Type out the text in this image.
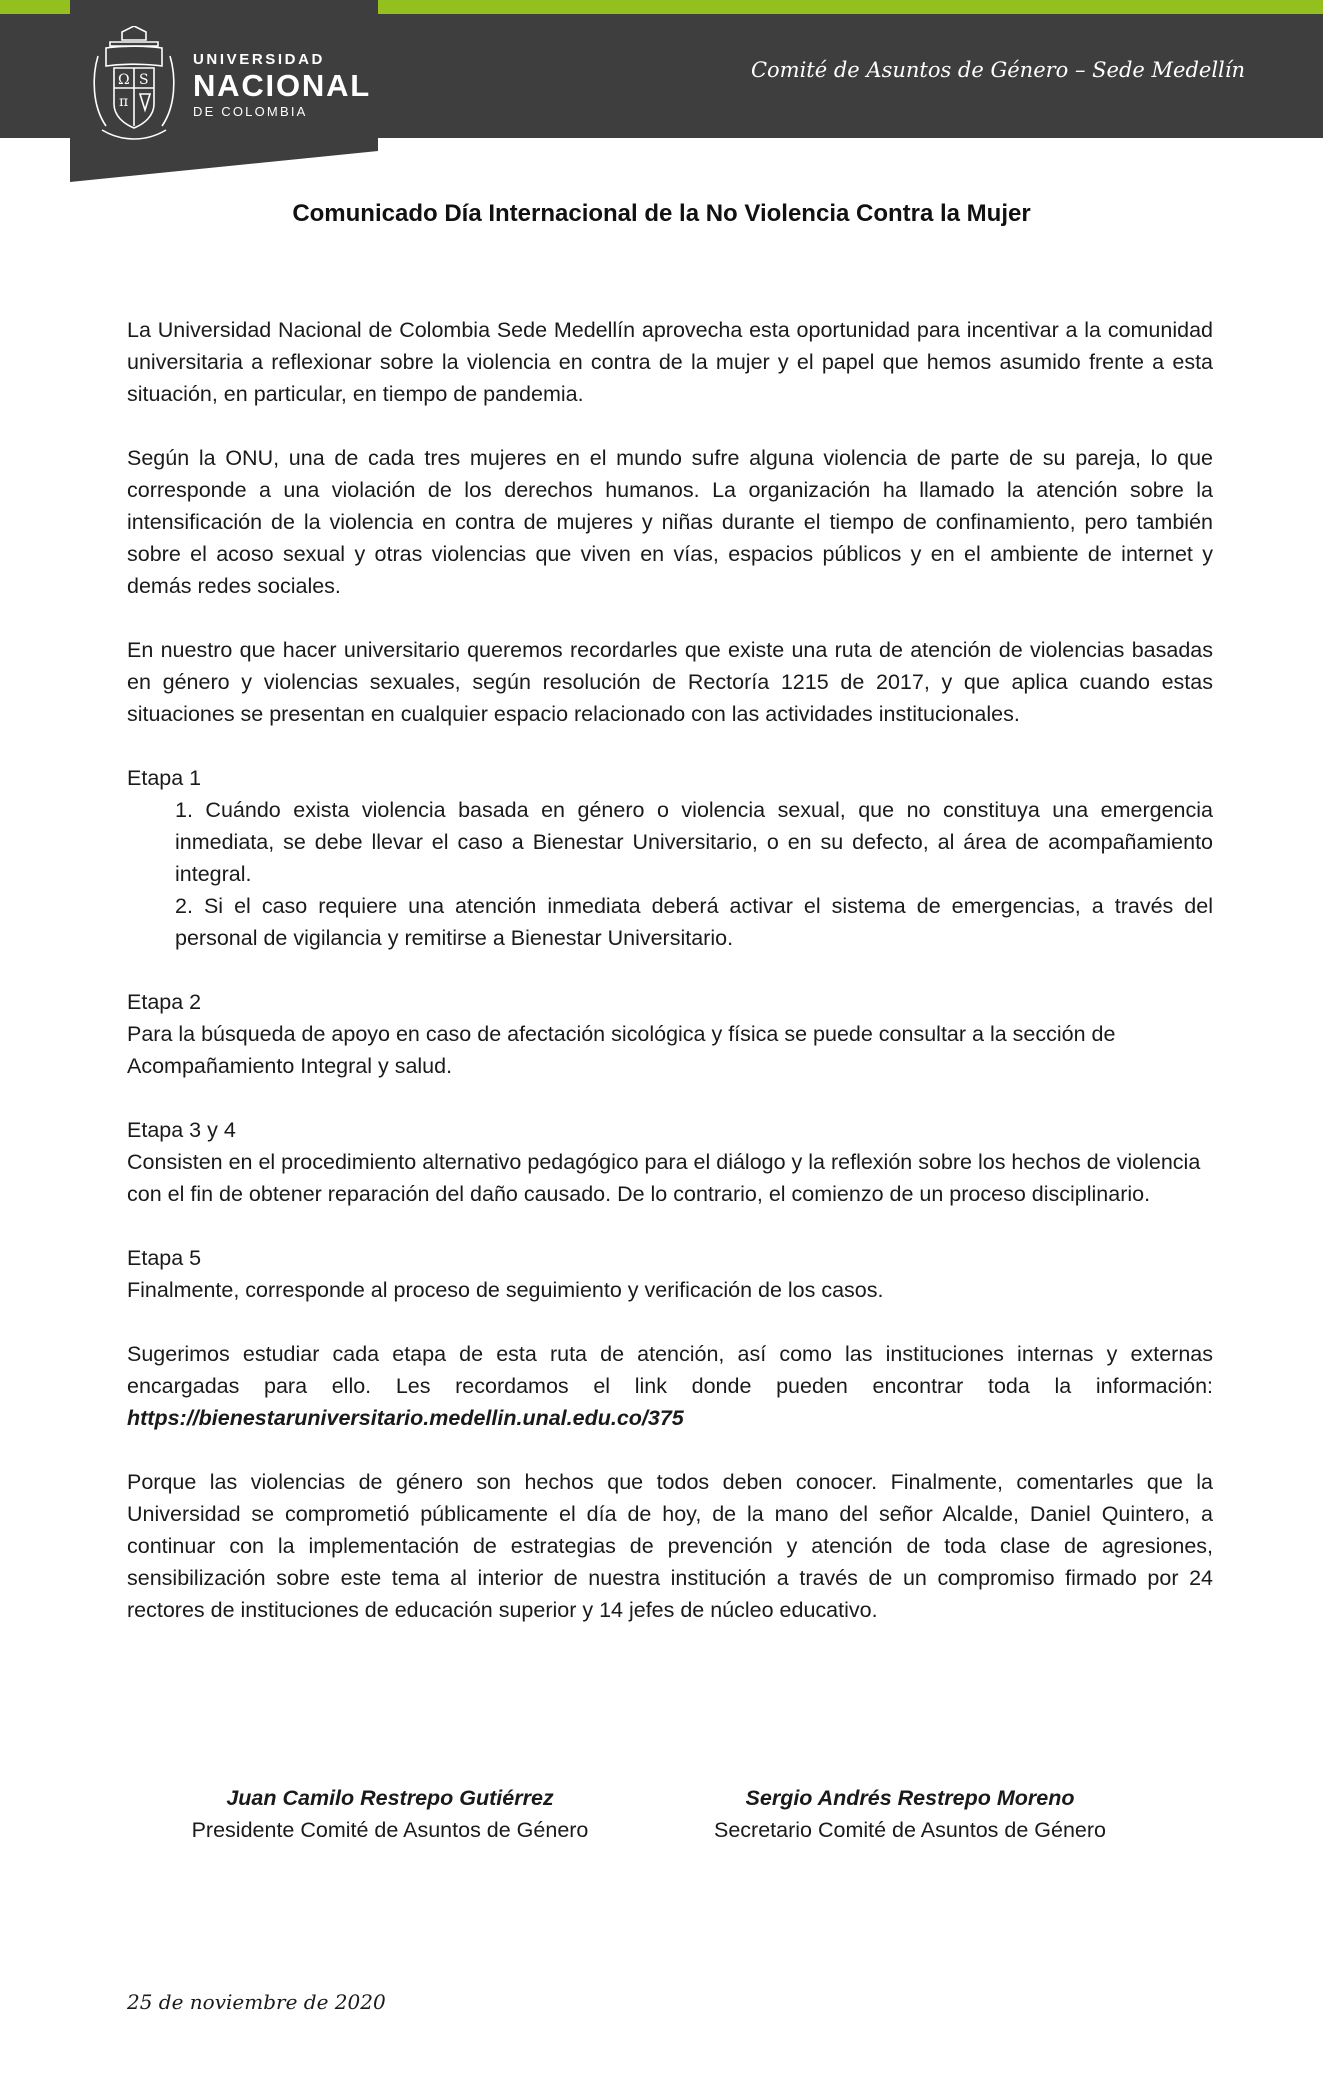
Ω S
π
UNIVERSIDAD
NACIONAL
DE COLOMBIA
Comité de Asuntos de Género – Sede Medellín
Comunicado Día Internacional de la No Violencia Contra la Mujer

La Universidad Nacional de Colombia Sede Medellín aprovecha esta oportunidad para incentivar a la comunidad universitaria a reflexionar sobre la violencia en contra de la mujer y el papel que hemos asumido frente a esta situación, en particular, en tiempo de pandemia.

Según la ONU, una de cada tres mujeres en el mundo sufre alguna violencia de parte de su pareja, lo que corresponde a una violación de los derechos humanos. La organización ha llamado la atención sobre la intensificación de la violencia en contra de mujeres y niñas durante el tiempo de confinamiento, pero también sobre el acoso sexual y otras violencias que viven en vías, espacios públicos y en el ambiente de internet y demás redes sociales.

En nuestro que hacer universitario queremos recordarles que existe una ruta de atención de violencias basadas en género y violencias sexuales, según resolución de Rectoría 1215 de 2017, y que aplica cuando estas situaciones se presentan en cualquier espacio relacionado con las actividades institucionales.

Etapa 1
1. Cuándo exista violencia basada en género o violencia sexual, que no constituya una emergencia inmediata, se debe llevar el caso a Bienestar Universitario, o en su defecto, al área de acompañamiento integral.
2. Si el caso requiere una atención inmediata deberá activar el sistema de emergencias, a través del personal de vigilancia y remitirse a Bienestar Universitario.
Etapa 2
Para la búsqueda de apoyo en caso de afectación sicológica y física se puede consultar a la sección de Acompañamiento Integral y salud.
Etapa 3 y 4
Consisten en el procedimiento alternativo pedagógico para el diálogo y la reflexión sobre los hechos de violencia con el fin de obtener reparación del daño causado. De lo contrario, el comienzo de un proceso disciplinario.
Etapa 5
Finalmente, corresponde al proceso de seguimiento y verificación de los casos.

Sugerimos estudiar cada etapa de esta ruta de atención, así como las instituciones internas y externas encargadas para ello. Les recordamos el link donde pueden encontrar toda la información: https://bienestaruniversitario.medellin.unal.edu.co/375

Porque las violencias de género son hechos que todos deben conocer. Finalmente, comentarles que la Universidad se comprometió públicamente el día de hoy, de la mano del señor Alcalde, Daniel Quintero, a continuar con la implementación de estrategias de prevención y atención de toda clase de agresiones, sensibilización sobre este tema al interior de nuestra institución a través de un compromiso firmado por 24 rectores de instituciones de educación superior y 14 jefes de núcleo educativo.

Juan Camilo Restrepo Gutiérrez
Presidente Comité de Asuntos de Género
Sergio Andrés Restrepo Moreno
Secretario Comité de Asuntos de Género
25 de noviembre de 2020
